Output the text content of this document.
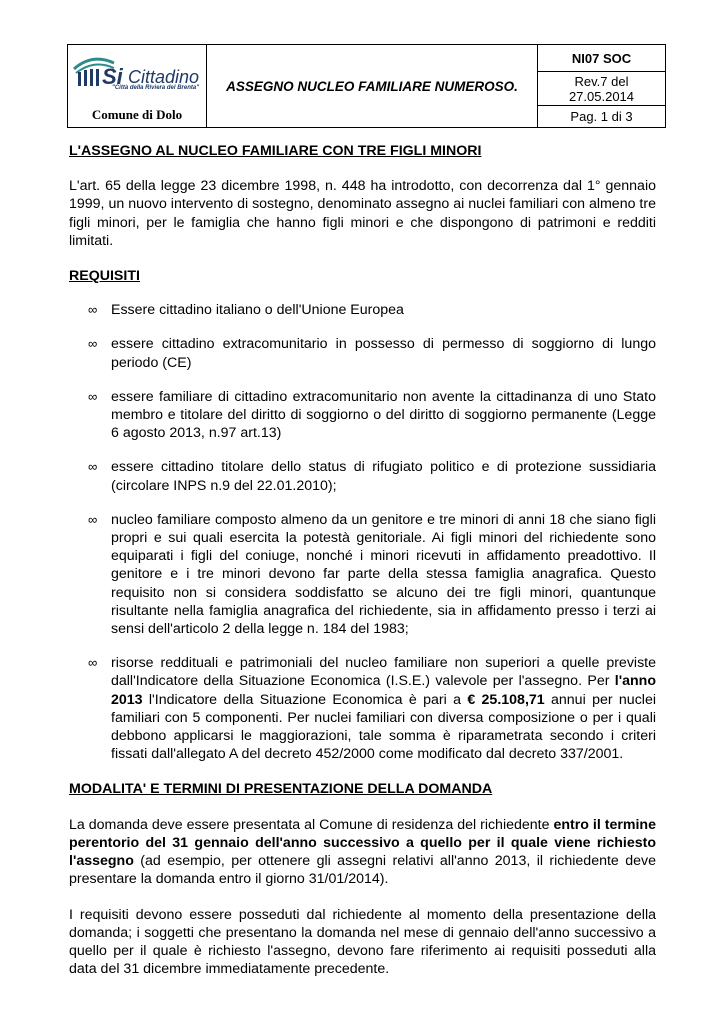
Si Cittadino
"Città della Riviera del Brenta"
Comune di Dolo
ASSEGNO NUCLEO FAMILIARE NUMEROSO.
NI07 SOC
Rev.7 del
27.05.2014
Pag. 1 di 3

L'ASSEGNO AL NUCLEO FAMILIARE CON TRE FIGLI MINORI

L'art. 65 della legge 23 dicembre 1998, n. 448 ha introdotto, con decorrenza dal 1° gennaio 1999, un nuovo intervento di sostegno, denominato assegno ai nuclei familiari con almeno tre figli minori, per le famiglia che hanno figli minori e che dispongono di patrimoni e redditi limitati.

REQUISITI

∞ Essere cittadino italiano o dell'Unione Europea
∞ essere cittadino extracomunitario in possesso di permesso di soggiorno di lungo periodo (CE)
∞ essere familiare di cittadino extracomunitario non avente la cittadinanza di uno Stato membro e titolare del diritto di soggiorno o del diritto di soggiorno permanente (Legge 6 agosto 2013, n.97 art.13)
∞ essere cittadino titolare dello status di rifugiato politico e di protezione sussidiaria (circolare INPS n.9 del 22.01.2010);
∞ nucleo familiare composto almeno da un genitore e tre minori di anni 18 che siano figli propri e sui quali esercita la potestà genitoriale. Ai figli minori del richiedente sono equiparati i figli del coniuge, nonché i minori ricevuti in affidamento preadottivo. Il genitore e i tre minori devono far parte della stessa famiglia anagrafica. Questo requisito non si considera soddisfatto se alcuno dei tre figli minori, quantunque risultante nella famiglia anagrafica del richiedente, sia in affidamento presso i terzi ai sensi dell'articolo 2 della legge n. 184 del 1983;
∞ risorse reddituali e patrimoniali del nucleo familiare non superiori a quelle previste dall'Indicatore della Situazione Economica (I.S.E.) valevole per l'assegno. Per l'anno 2013 l'Indicatore della Situazione Economica è pari a € 25.108,71 annui per nuclei familiari con 5 componenti. Per nuclei familiari con diversa composizione o per i quali debbono applicarsi le maggiorazioni, tale somma è riparametrata secondo i criteri fissati dall'allegato A del decreto 452/2000 come modificato dal decreto 337/2001.

MODALITA' E TERMINI DI PRESENTAZIONE DELLA DOMANDA

La domanda deve essere presentata al Comune di residenza del richiedente entro il termine perentorio del 31 gennaio dell'anno successivo a quello per il quale viene richiesto l'assegno (ad esempio, per ottenere gli assegni relativi all'anno 2013, il richiedente deve presentare la domanda entro il giorno 31/01/2014).

I requisiti devono essere posseduti dal richiedente al momento della presentazione della domanda; i soggetti che presentano la domanda nel mese di gennaio dell'anno successivo a quello per il quale è richiesto l'assegno, devono fare riferimento ai requisiti posseduti alla data del 31 dicembre immediatamente precedente.
